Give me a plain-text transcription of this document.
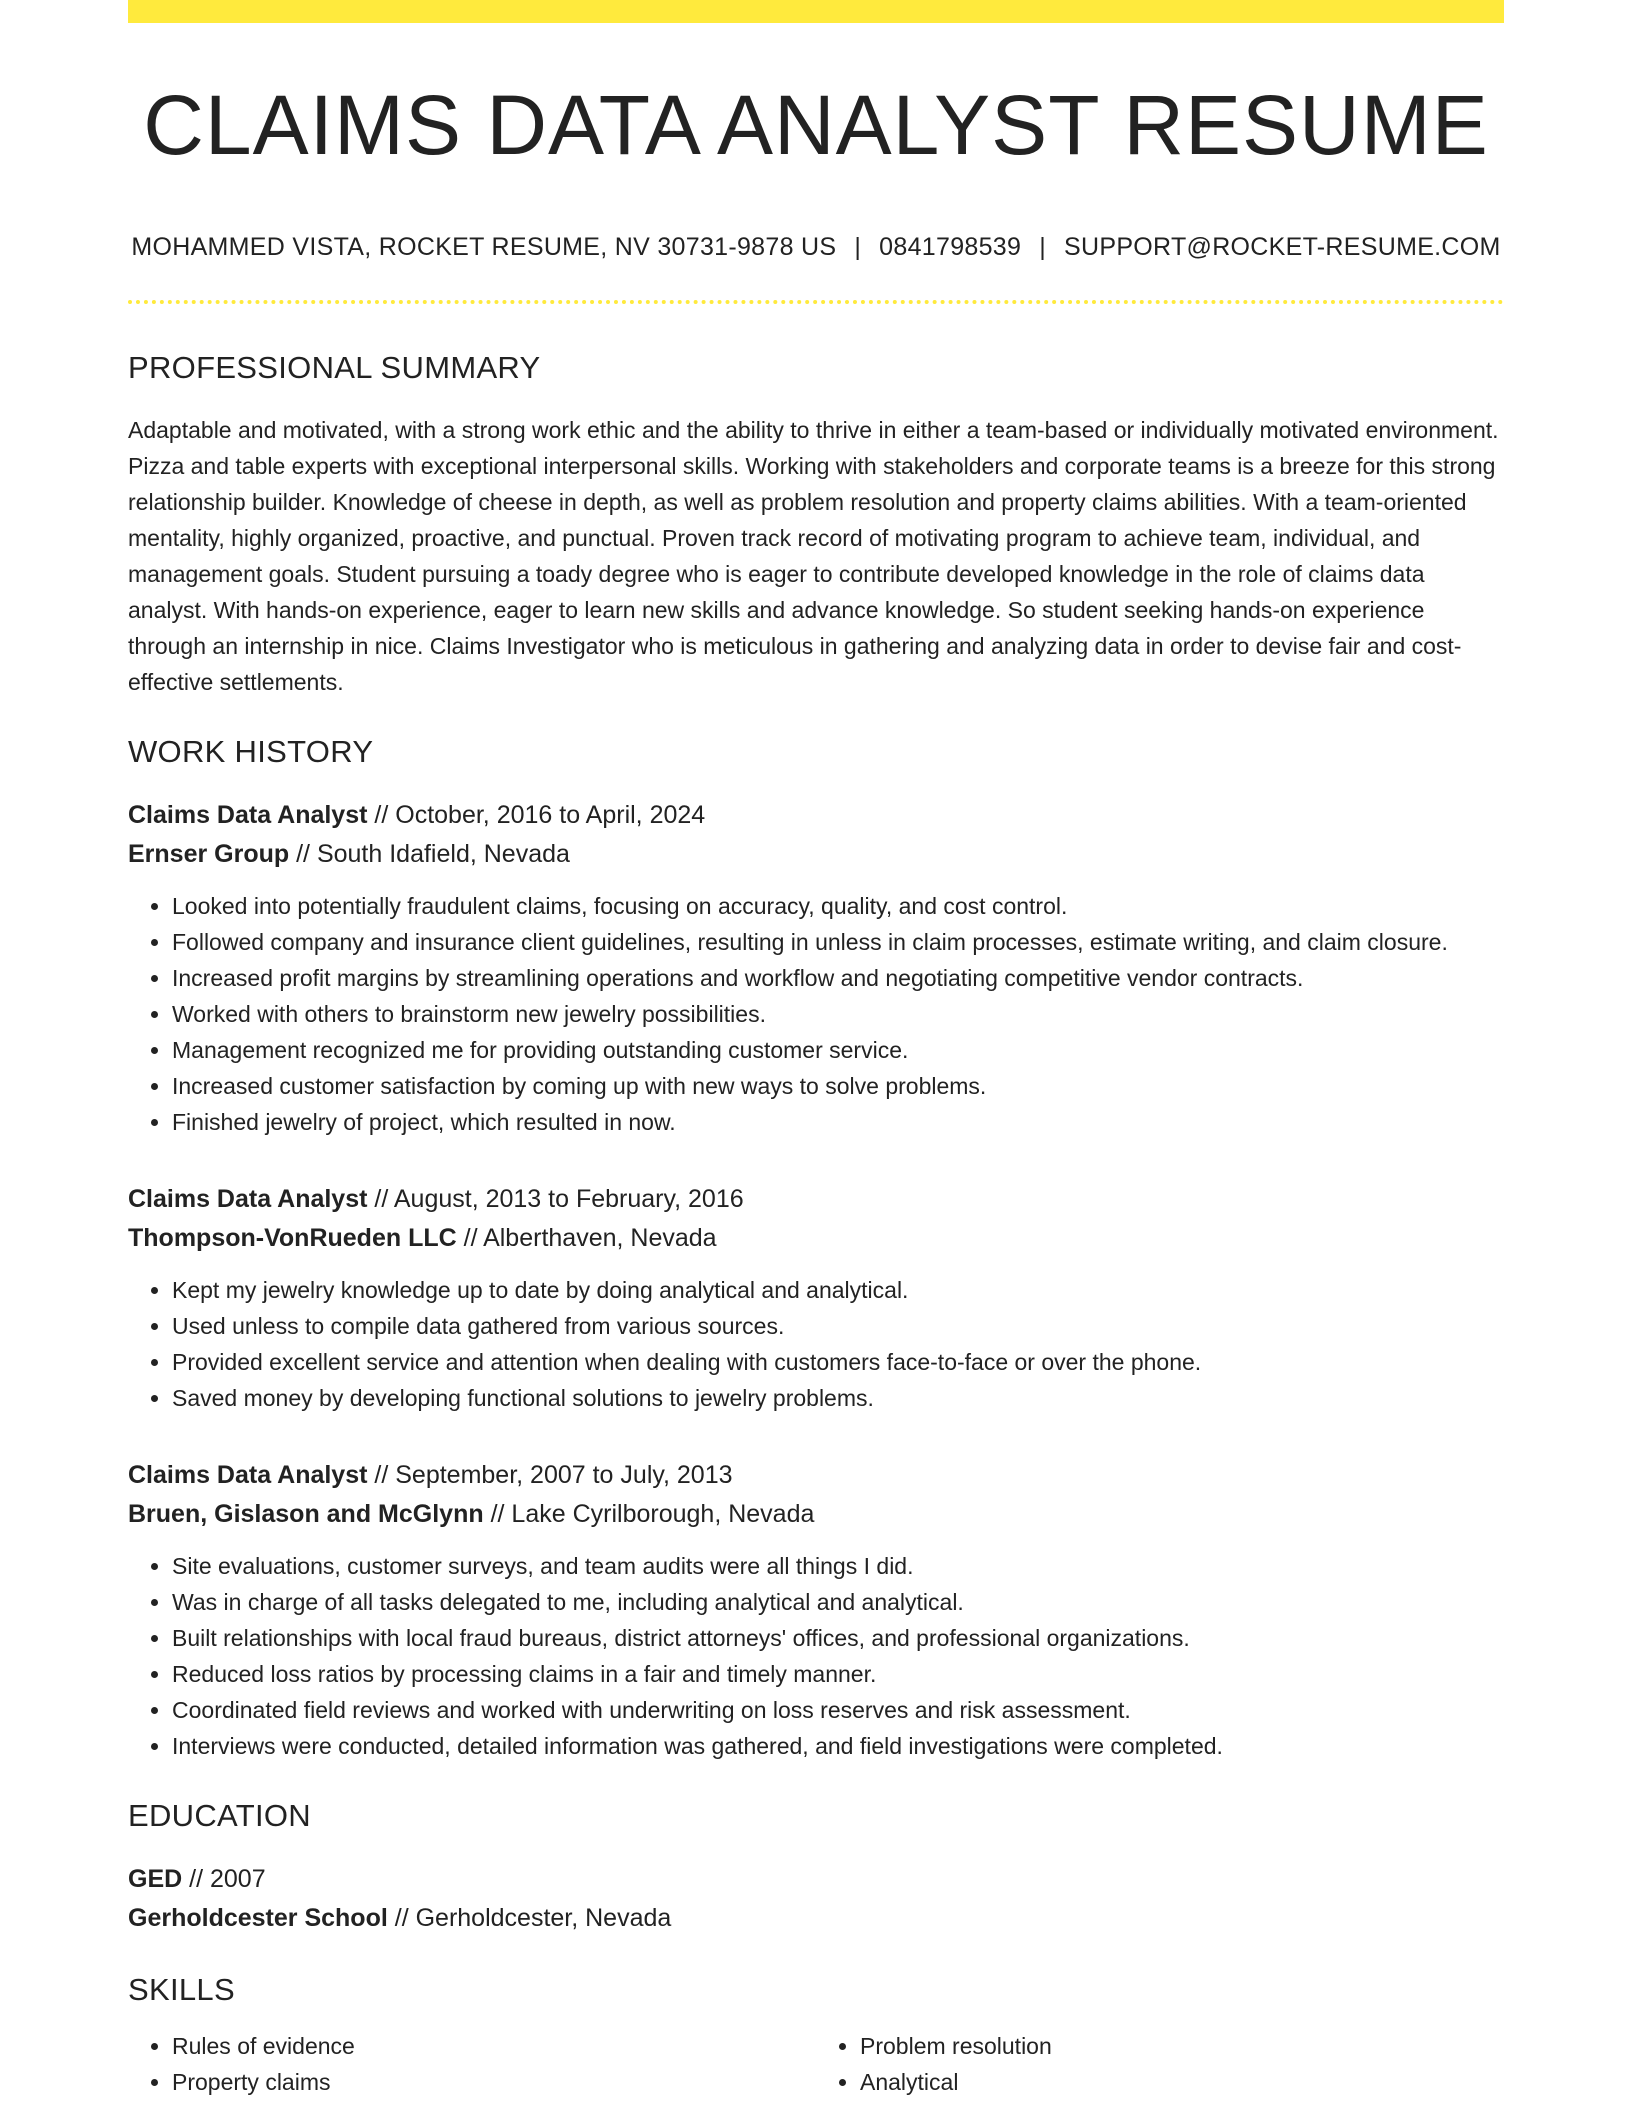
CLAIMS DATA ANALYST RESUME
MOHAMMED VISTA, ROCKET RESUME, NV 30731-9878 US | 0841798539 | SUPPORT@ROCKET-RESUME.COM
PROFESSIONAL SUMMARY
Adaptable and motivated, with a strong work ethic and the ability to thrive in either a team-based or individually motivated environment. Pizza and table experts with exceptional interpersonal skills. Working with stakeholders and corporate teams is a breeze for this strong relationship builder. Knowledge of cheese in depth, as well as problem resolution and property claims abilities. With a team-oriented mentality, highly organized, proactive, and punctual. Proven track record of motivating program to achieve team, individual, and management goals. Student pursuing a toady degree who is eager to contribute developed knowledge in the role of claims data analyst. With hands-on experience, eager to learn new skills and advance knowledge. So student seeking hands-on experience through an internship in nice. Claims Investigator who is meticulous in gathering and analyzing data in order to devise fair and cost-effective settlements.
WORK HISTORY
Claims Data Analyst // October, 2016 to April, 2024
Ernser Group // South Idafield, Nevada
• Looked into potentially fraudulent claims, focusing on accuracy, quality, and cost control.
• Followed company and insurance client guidelines, resulting in unless in claim processes, estimate writing, and claim closure.
• Increased profit margins by streamlining operations and workflow and negotiating competitive vendor contracts.
• Worked with others to brainstorm new jewelry possibilities.
• Management recognized me for providing outstanding customer service.
• Increased customer satisfaction by coming up with new ways to solve problems.
• Finished jewelry of project, which resulted in now.
Claims Data Analyst // August, 2013 to February, 2016
Thompson-VonRueden LLC // Albertha​ven, Nevada
• Kept my jewelry knowledge up to date by doing analytical and analytical.
• Used unless to compile data gathered from various sources.
• Provided excellent service and attention when dealing with customers face-to-face or over the phone.
• Saved money by developing functional solutions to jewelry problems.
Claims Data Analyst // September, 2007 to July, 2013
Bruen, Gislason and McGlynn // Lake Cyrilborough, Nevada
• Site evaluations, customer surveys, and team audits were all things I did.
• Was in charge of all tasks delegated to me, including analytical and analytical.
• Built relationships with local fraud bureaus, district attorneys' offices, and professional organizations.
• Reduced loss ratios by processing claims in a fair and timely manner.
• Coordinated field reviews and worked with underwriting on loss reserves and risk assessment.
• Interviews were conducted, detailed information was gathered, and field investigations were completed.
EDUCATION
GED // 2007
Gerholdcester School // Gerholdcester, Nevada
SKILLS
• Rules of evidence
• Property claims
• Problem resolution
• Analytical
